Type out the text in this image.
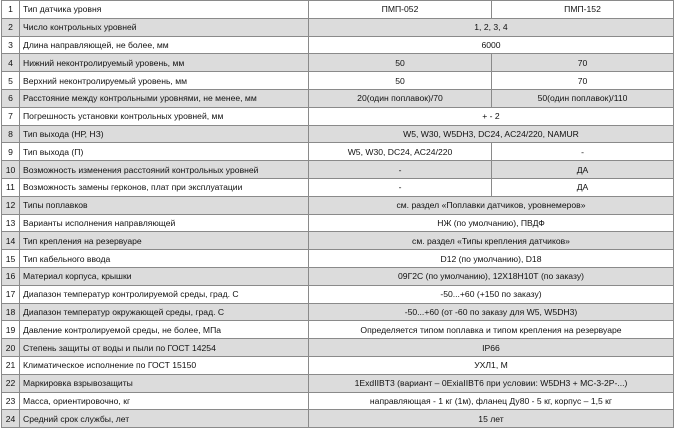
1	Тип датчика уровня	ПМП-052	ПМП-152
2	Число контрольных уровней	1, 2, 3, 4	
3	Длина направляющей, не более, мм	6000	
4	Нижний неконтролируемый уровень, мм	50	70
5	Верхний неконтролируемый уровень, мм	50	70
6	Расстояние между контрольными уровнями, не менее, мм	20(один поплавок)/70	50(один поплавок)/110
7	Погрешность установки контрольных уровней, мм	+ - 2	
8	Тип выхода (НР, НЗ)	W5, W30, W5DH3, DC24, AC24/220, NAMUR	
9	Тип выхода (П)	W5, W30, DC24, AC24/220	-
10	Возможность изменения расстояний контрольных уровней	-	ДА
11	Возможность замены герконов, плат при эксплуатации	-	ДА
12	Типы поплавков	см. раздел «Поплавки датчиков, уровнемеров»	
13	Варианты исполнения направляющей	НЖ (по умолчанию), ПВДФ	
14	Тип крепления на резервуаре	см. раздел «Типы крепления датчиков»	
15	Тип кабельного ввода	D12 (по умолчанию), D18	
16	Материал корпуса, крышки	09Г2С (по умолчанию), 12Х18Н10Т (по заказу)	
17	Диапазон температур контролируемой среды, град. С	-50...+60 (+150 по заказу)	
18	Диапазон температур окружающей среды, град. С	-50...+60 (от -60 по заказу для W5, W5DH3)	
19	Давление контролируемой среды, не более, МПа	Определяется типом поплавка и типом крепления на резервуаре	
20	Степень защиты от воды и пыли по ГОСТ 14254	IP66	
21	Климатическое исполнение по ГОСТ 15150	УХЛ1, М	
22	Маркировка взрывозащиты	1ExdIIBT3 (вариант – 0ExiaIIBT6 при условии: W5DH3 + МС-3-2Р-...)	
23	Масса, ориентировочно, кг	направляющая - 1 кг (1м), фланец Ду80 - 5 кг, корпус – 1,5 кг	
24	Средний срок службы, лет	15 лет	
